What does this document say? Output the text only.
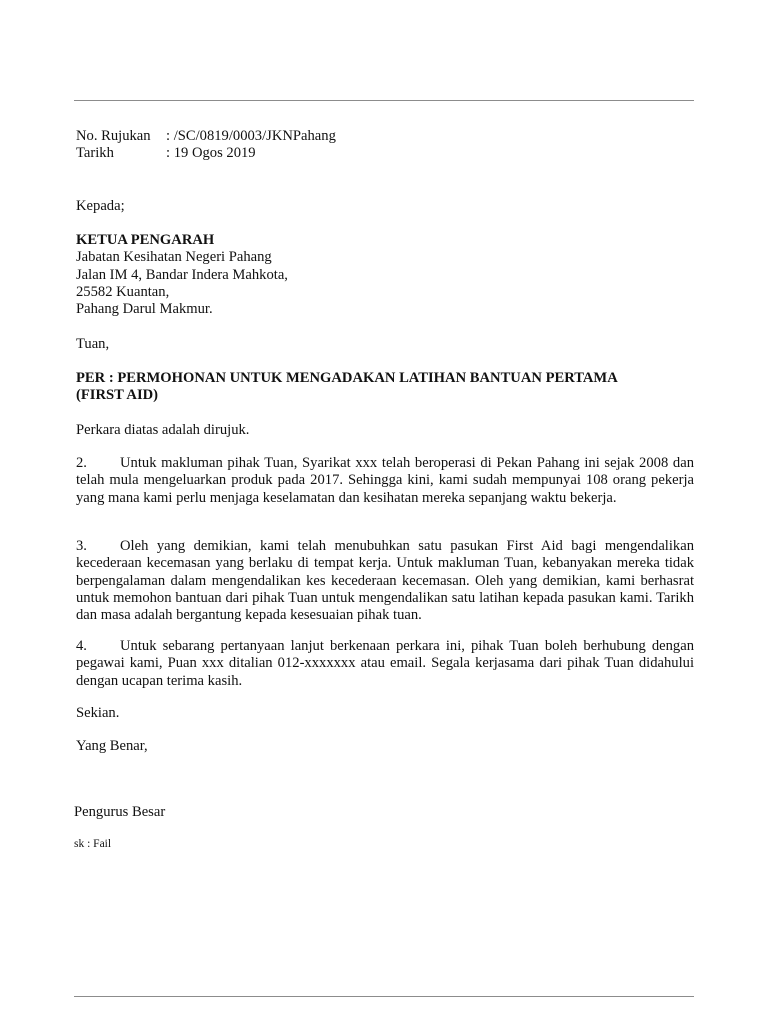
No. Rujukan	: /SC/0819/0003/JKNPahang
Tarikh	: 19 Ogos 2019
Kepada;
KETUA PENGARAH
Jabatan Kesihatan Negeri Pahang
Jalan IM 4, Bandar Indera Mahkota,
25582 Kuantan,
Pahang Darul Makmur.
Tuan,
PER : PERMOHONAN UNTUK MENGADAKAN LATIHAN BANTUAN PERTAMA
(FIRST AID)
Perkara diatas adalah dirujuk.
2. Untuk makluman pihak Tuan, Syarikat xxx telah beroperasi di Pekan Pahang ini sejak 2008 dan telah mula mengeluarkan produk pada 2017. Sehingga kini, kami sudah mempunyai 108 orang pekerja yang mana kami perlu menjaga keselamatan dan kesihatan mereka sepanjang waktu bekerja.
3. Oleh yang demikian, kami telah menubuhkan satu pasukan First Aid bagi mengendalikan kecederaan kecemasan yang berlaku di tempat kerja. Untuk makluman Tuan, kebanyakan mereka tidak berpengalaman dalam mengendalikan kes kecederaan kecemasan. Oleh yang demikian, kami berhasrat untuk memohon bantuan dari pihak Tuan untuk mengendalikan satu latihan kepada pasukan kami. Tarikh dan masa adalah bergantung kepada kesesuaian pihak tuan.
4. Untuk sebarang pertanyaan lanjut berkenaan perkara ini, pihak Tuan boleh berhubung dengan pegawai kami, Puan xxx ditalian 012-xxxxxxx atau email. Segala kerjasama dari pihak Tuan didahului dengan ucapan terima kasih.
Sekian.
Yang Benar,
Pengurus Besar
sk : Fail
